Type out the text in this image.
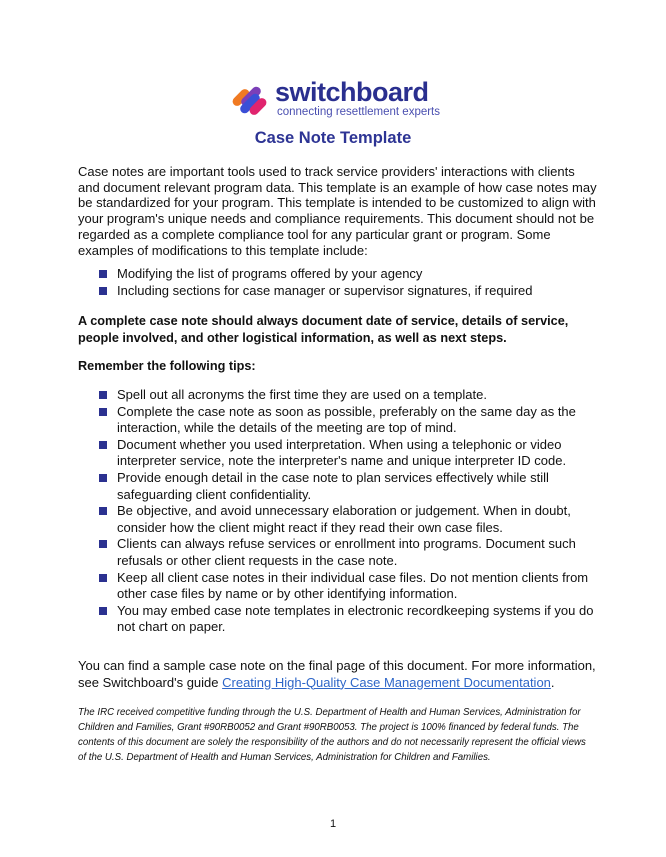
switchboard
connecting resettlement experts
Case Note Template

Case notes are important tools used to track service providers' interactions with clients and document relevant program data. This template is an example of how case notes may be standardized for your program. This template is intended to be customized to align with your program's unique needs and compliance requirements. This document should not be regarded as a complete compliance tool for any particular grant or program. Some examples of modifications to this template include:

Modifying the list of programs offered by your agency
Including sections for case manager or supervisor signatures, if required

A complete case note should always document date of service, details of service, people involved, and other logistical information, as well as next steps.

Remember the following tips:

Spell out all acronyms the first time they are used on a template.
Complete the case note as soon as possible, preferably on the same day as the interaction, while the details of the meeting are top of mind.
Document whether you used interpretation. When using a telephonic or video interpreter service, note the interpreter's name and unique interpreter ID code.
Provide enough detail in the case note to plan services effectively while still safeguarding client confidentiality.
Be objective, and avoid unnecessary elaboration or judgement. When in doubt, consider how the client might react if they read their own case files.
Clients can always refuse services or enrollment into programs. Document such refusals or other client requests in the case note.
Keep all client case notes in their individual case files. Do not mention clients from other case files by name or by other identifying information.
You may embed case note templates in electronic recordkeeping systems if you do not chart on paper.

You can find a sample case note on the final page of this document. For more information, see Switchboard's guide Creating High-Quality Case Management Documentation.

The IRC received competitive funding through the U.S. Department of Health and Human Services, Administration for Children and Families, Grant #90RB0052 and Grant #90RB0053. The project is 100% financed by federal funds. The contents of this document are solely the responsibility of the authors and do not necessarily represent the official views of the U.S. Department of Health and Human Services, Administration for Children and Families.

1
